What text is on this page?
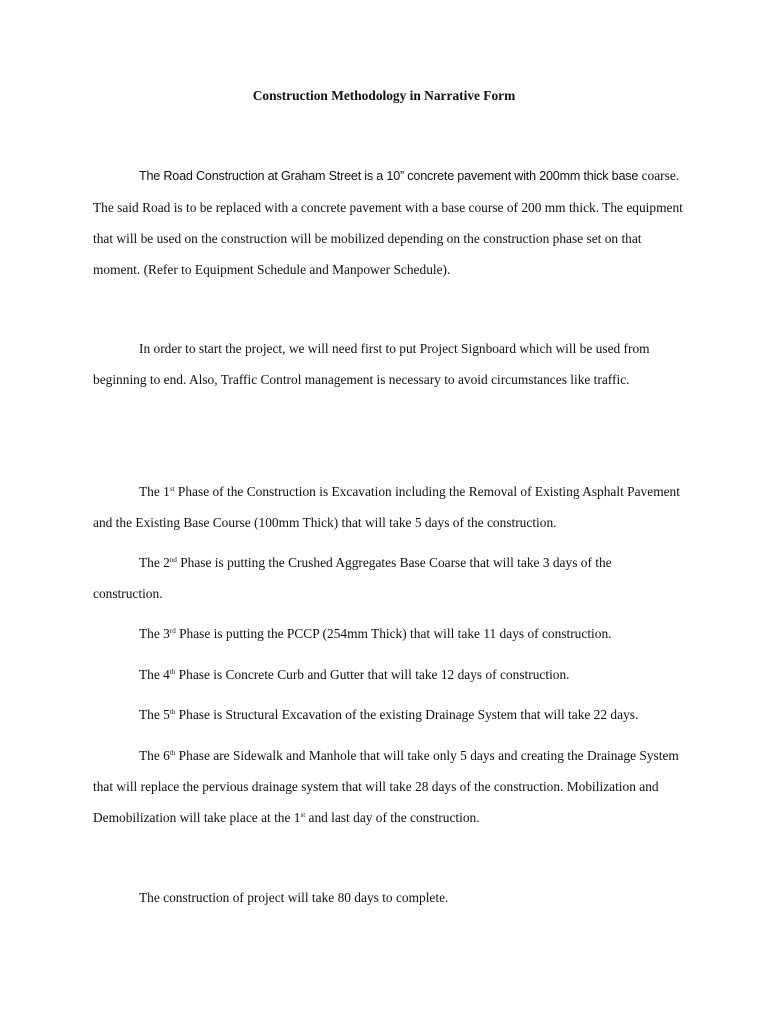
Construction Methodology in Narrative Form

The Road Construction at Graham Street is a 10” concrete pavement with 200mm thick base coarse. The said Road is to be replaced with a concrete pavement with a base course of 200 mm thick. The equipment that will be used on the construction will be mobilized depending on the construction phase set on that moment. (Refer to Equipment Schedule and Manpower Schedule).

In order to start the project, we will need first to put Project Signboard which will be used from beginning to end. Also, Traffic Control management is necessary to avoid circumstances like traffic.

The 1st Phase of the Construction is Excavation including the Removal of Existing Asphalt Pavement and the Existing Base Course (100mm Thick) that will take 5 days of the construction.

The 2nd Phase is putting the Crushed Aggregates Base Coarse that will take 3 days of the construction.

The 3rd Phase is putting the PCCP (254mm Thick) that will take 11 days of construction.

The 4th Phase is Concrete Curb and Gutter that will take 12 days of construction.

The 5th Phase is Structural Excavation of the existing Drainage System that will take 22 days.

The 6th Phase are Sidewalk and Manhole that will take only 5 days and creating the Drainage System that will replace the pervious drainage system that will take 28 days of the construction. Mobilization and Demobilization will take place at the 1st and last day of the construction.

The construction of project will take 80 days to complete.
